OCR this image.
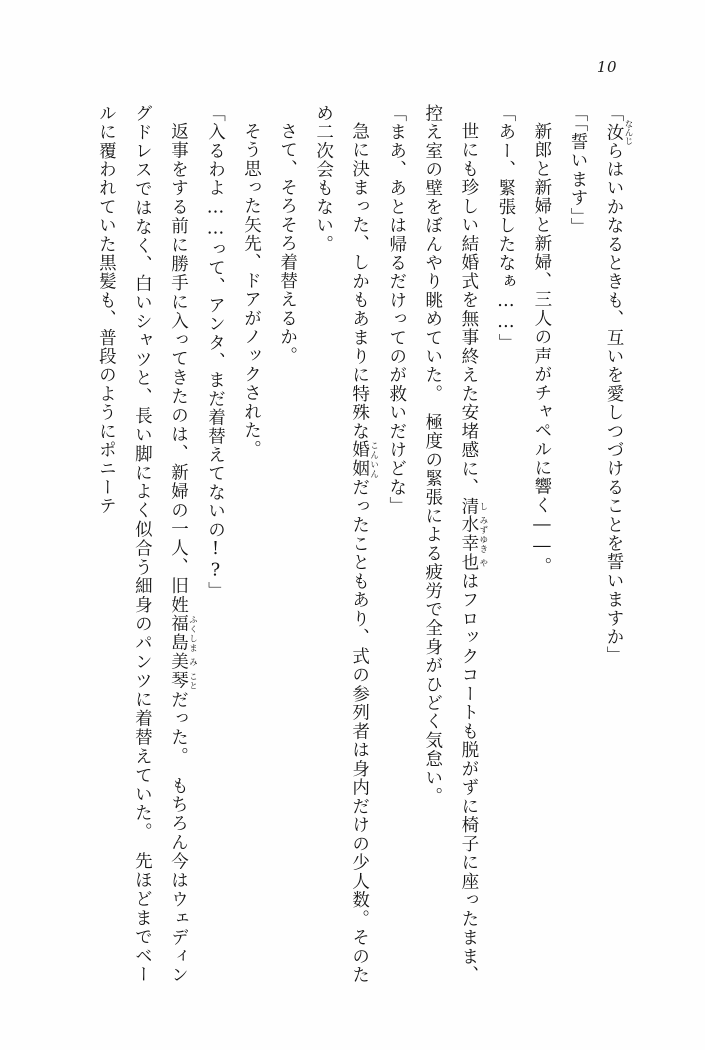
10

「汝 なんじらはいかなるときも、互いを愛しつづけることを誓いますか」

「「誓います」」

新郎と新婦と新婦、三人の声がチャペルに響く――。

「あー、緊張したなぁ……」

世にも珍しい結婚式を無事終えた安堵感に、清 し水 みず幸 ゆき也 やはフロックコートも脱がずに椅子に座ったまま、控え室の壁をぼんやり眺めていた。　極度の緊張による疲労で全身がひどく気怠い。

「まあ、あとは帰るだけってのが救いだけどな」

急に決まった、しかもあまりに特殊な婚 こん姻 いんだったこともあり、式の参列者は身内だけの少人数。そのため二次会もない。

さて、そろそろ着替えるか。

そう思った矢先、ドアがノックされた。

「入るわよ……って、アンタ、まだ着替えてないの!?」

返事をする前に勝手に入ってきたのは、新婦の一人、旧姓福 ふく島 しま美 み琴 ことだった。　もちろん今はウェディングドレスではなく、白いシャツと、長い脚によく似合う細身のパンツに着替えていた。　先ほどまでベールに覆われていた黒髪も、普段のようにポニーテ
